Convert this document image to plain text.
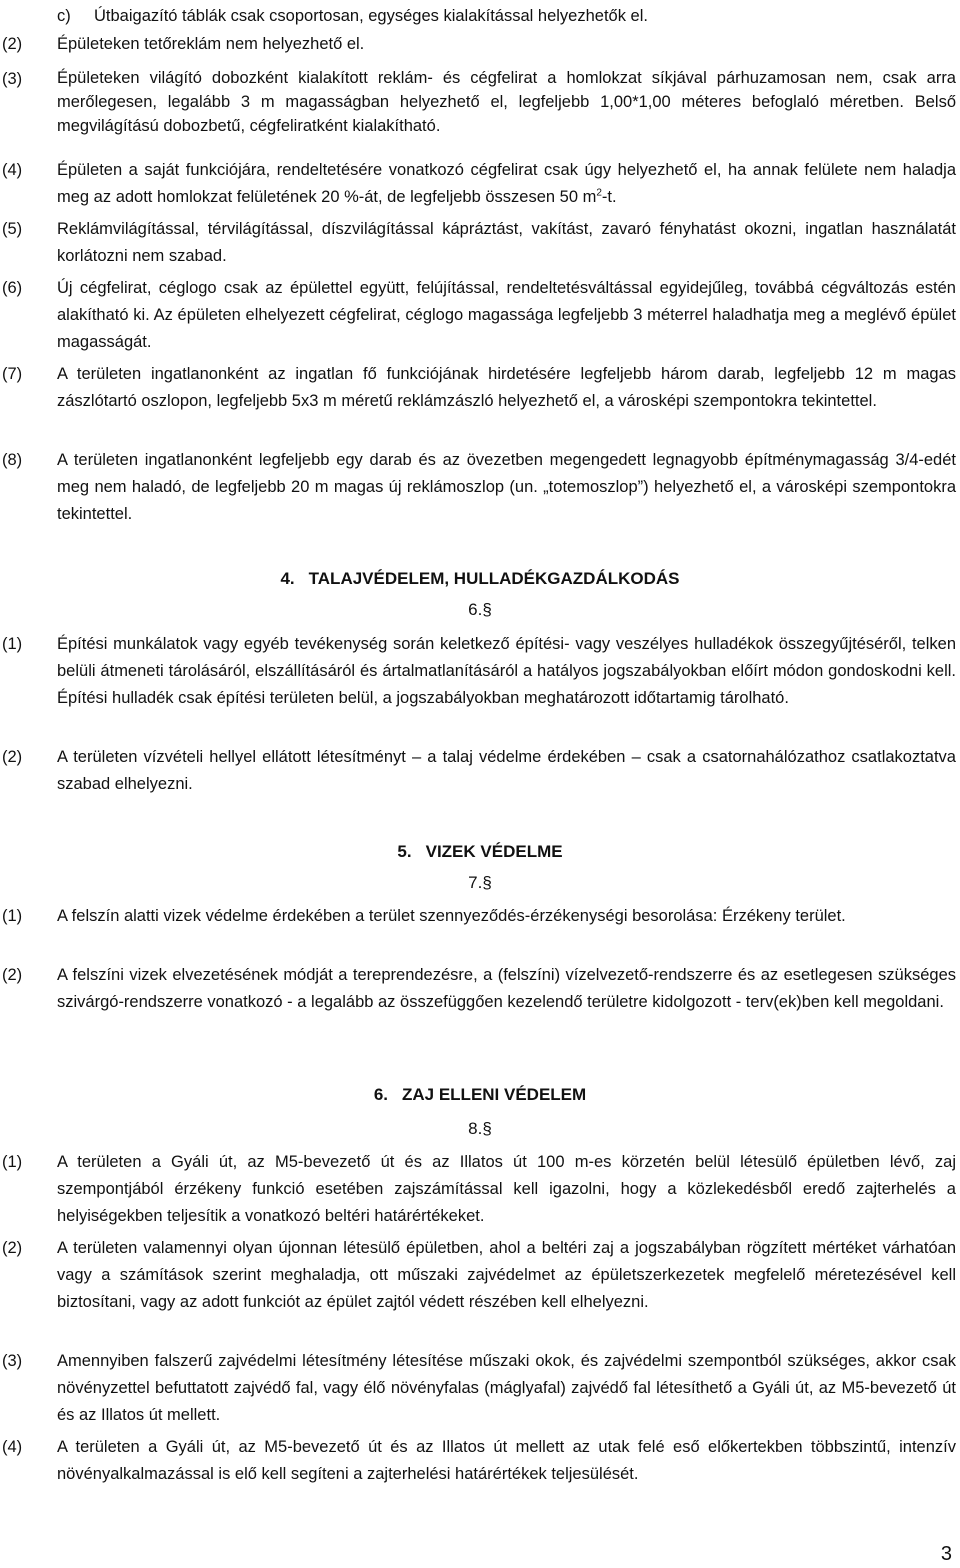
c) Útbaigazító táblák csak csoportosan, egységes kialakítással helyezhetők el.
(2) Épületeken tetőreklám nem helyezhető el.
(3) Épületeken világító dobozként kialakított reklám- és cégfelirat a homlokzat síkjával párhuzamosan nem, csak arra merőlegesen, legalább 3 m magasságban helyezhető el, legfeljebb 1,00*1,00 méteres befoglaló méretben. Belső megvilágítású dobozbetű, cégfeliratként kialakítható.
(4) Épületen a saját funkciójára, rendeltetésére vonatkozó cégfelirat csak úgy helyezhető el, ha annak felülete nem haladja meg az adott homlokzat felületének 20 %-át, de legfeljebb összesen 50 $m^2-t$.
(5) Reklámvilágítással, térvilágítással, díszvilágítással kápráztást, vakítást, zavaró fényhatást okozni, ingatlan használatát korlátozni nem szabad.
(6) Új cégfelirat, céglogo csak az épülettel együtt, felújítással, rendeltetésváltással egyidejűleg, továbbá cégváltozás estén alakítható ki. Az épületen elhelyezett cégfelirat, céglogo magassága legfeljebb 3 méterrel haladhatja meg a meglévő épület magasságát.
(7) A területen ingatlanonként az ingatlan fő funkciójának hirdetésére legfeljebb három darab, legfeljebb 12 m magas zászlótartó oszlopon, legfeljebb 5x3 m méretű reklámzászló helyezhető el, a városképi szempontokra tekintettel.
(8) A területen ingatlanonként legfeljebb egy darab és az övezetben megengedett legnagyobb építménymagasság 3/4-edét meg nem haladó, de legfeljebb 20 m magas új reklámoszlop (un. „totemoszlop”) helyezhető el, a városképi szempontokra tekintettel.
4. TALAJVÉDELEM, HULLADÉKGAZDÁLKODÁS
6.§
(1) Építési munkálatok vagy egyéb tevékenység során keletkező építési- vagy veszélyes hulladékok összegyűjtéséről, telken belüli átmeneti tárolásáról, elszállításáról és ártalmatlanításáról a hatályos jogszabályokban előírt módon gondoskodni kell. Építési hulladék csak építési területen belül, a jogszabályokban meghatározott időtartamig tárolható.
(2) A területen vízvételi hellyel ellátott létesítményt – a talaj védelme érdekében – csak a csatornahálózathoz csatlakoztatva szabad elhelyezni.
5. VIZEK VÉDELME
7.§
(1) A felszín alatti vizek védelme érdekében a terület szennyeződés-érzékenységi besorolása: Érzékeny terület.
(2) A felszíni vizek elvezetésének módját a tereprendezésre, a (felszíni) vízelvezető-rendszerre és az esetlegesen szükséges szivárgó-rendszerre vonatkozó - a legalább az összefüggően kezelendő területre kidolgozott - terv(ek)ben kell megoldani.
6. ZAJ ELLENI VÉDELEM
8.§
(1) A területen a Gyáli út, az M5-bevezető út és az Illatos út 100 m-es körzetén belül létesülő épületben lévő, zaj szempontjából érzékeny funkció esetében zajszámítással kell igazolni, hogy a közlekedésből eredő zajterhelés a helyiségekben teljesítik a vonatkozó beltéri határértékeket.
(2) A területen valamennyi olyan újonnan létesülő épületben, ahol a beltéri zaj a jogszabályban rögzített mértéket várhatóan vagy a számítások szerint meghaladja, ott műszaki zajvédelmet az épületszerkezetek megfelelő méretezésével kell biztosítani, vagy az adott funkciót az épület zajtól védett részében kell elhelyezni.
(3) Amennyiben falszerű zajvédelmi létesítmény létesítése műszaki okok, és zajvédelmi szempontból szükséges, akkor csak növényzettel befuttatott zajvédő fal, vagy élő növényfalas (máglyafal) zajvédő fal létesíthető a Gyáli út, az M5-bevezető út és az Illatos út mellett.
(4) A területen a Gyáli út, az M5-bevezető út és az Illatos út mellett az utak felé eső előkertekben többszintű, intenzív növényalkalmazással is elő kell segíteni a zajterhelési határértékek teljesülését.
3
